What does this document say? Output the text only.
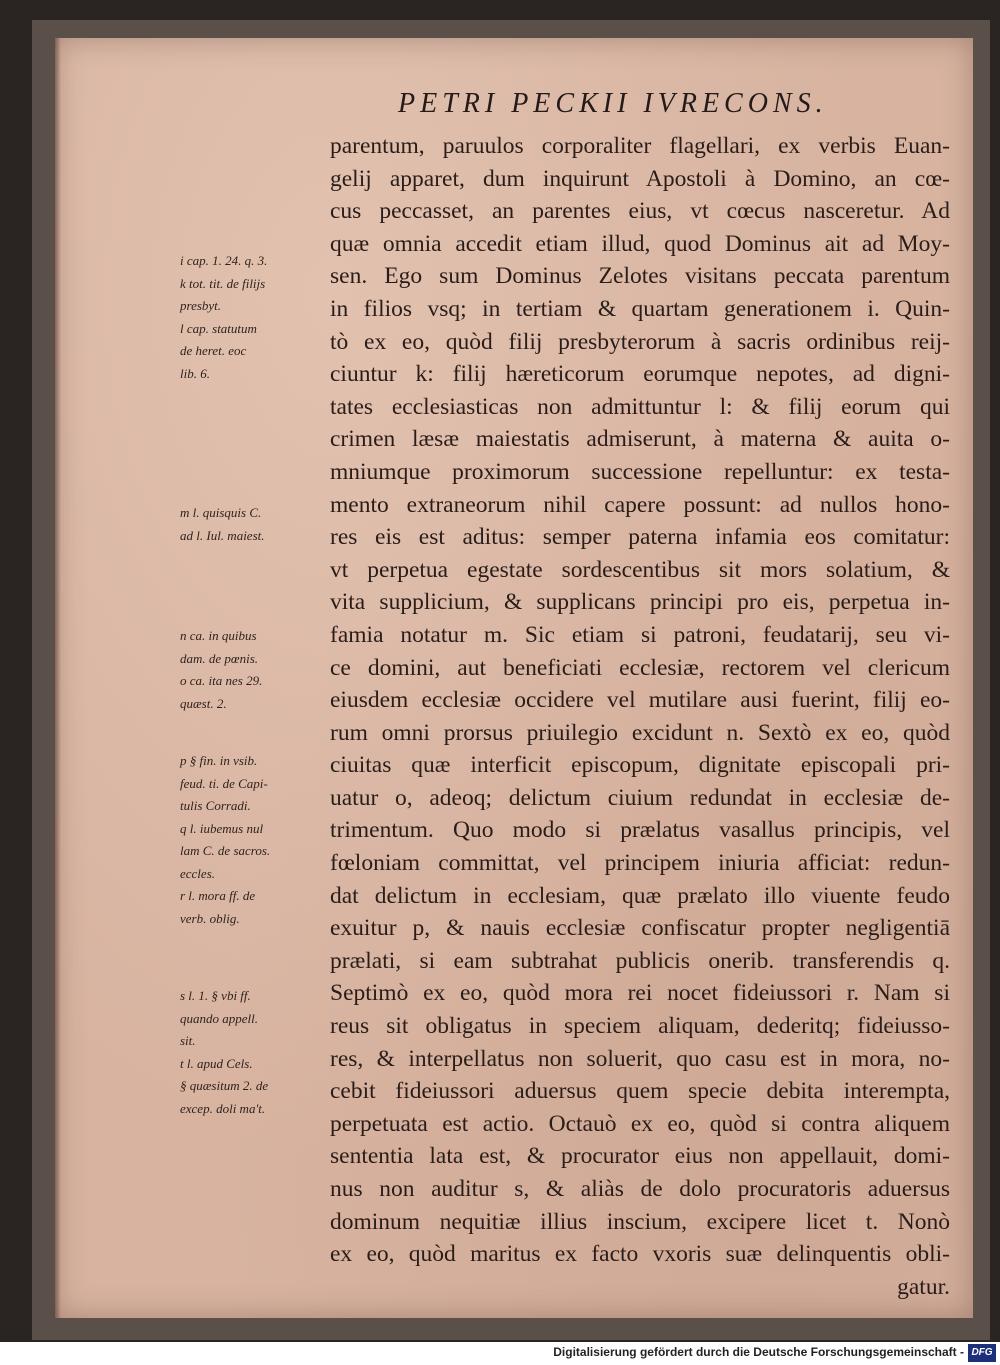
PETRI PECKII IVRECONS.
parentum, paruulos corporaliter flagellari, ex verbis Euan-
gelij apparet, dum inquirunt Apostoli à Domino, an cœ-
cus peccasset, an parentes eius, vt cœcus nasceretur. Ad
quæ omnia accedit etiam illud, quod Dominus ait ad Moy-
sen. Ego sum Dominus Zelotes visitans peccata parentum
in filios vsq; in tertiam & quartam generationem i. Quin-
tò ex eo, quòd filij presbyterorum à sacris ordinibus reij-
ciuntur k: filij hæreticorum eorumque nepotes, ad digni-
tates ecclesiasticas non admittuntur l: & filij eorum qui
crimen læsæ maiestatis admiserunt, à materna & auita o-
mniumque proximorum successione repelluntur: ex testa-
mento extraneorum nihil capere possunt: ad nullos hono-
res eis est aditus: semper paterna infamia eos comitatur:
vt perpetua egestate sordescentibus sit mors solatium, &
vita supplicium, & supplicans principi pro eis, perpetua in-
famia notatur m. Sic etiam si patroni, feudatarij, seu vi-
ce domini, aut beneficiati ecclesiæ, rectorem vel clericum
eiusdem ecclesiæ occidere vel mutilare ausi fuerint, filij eo-
rum omni prorsus priuilegio excidunt n. Sextò ex eo, quòd
ciuitas quæ interficit episcopum, dignitate episcopali pri-
uatur o, adeoq; delictum ciuium redundat in ecclesiæ de-
trimentum. Quo modo si prælatus vasallus principis, vel
fœloniam committat, vel principem iniuria afficiat: redun-
dat delictum in ecclesiam, quæ prælato illo viuente feudo
exuitur p, & nauis ecclesiæ confiscatur propter negligentiā
prælati, si eam subtrahat publicis onerib. transferendis q.
Septimò ex eo, quòd mora rei nocet fideiussori r. Nam si
reus sit obligatus in speciem aliquam, dederitq; fideiusso-
res, & interpellatus non soluerit, quo casu est in mora, no-
cebit fideiussori aduersus quem specie debita interempta,
perpetuata est actio. Octauò ex eo, quòd si contra aliquem
sententia lata est, & procurator eius non appellauit, domi-
nus non auditur s, & aliàs de dolo procuratoris aduersus
dominum nequitiæ illius inscium, excipere licet t. Nonò
ex eo, quòd maritus ex facto vxoris suæ delinquentis obli-
gatur.
i cap. 1. 24. q. 3.
k tot. tit. de filijs
presbyt.
l cap. statutum
de heret. eoc
lib. 6.
m l. quisquis C.
ad l. Iul. maiest.
n ca. in quibus
dam. de pœnis.
o ca. ita nes 29.
quæst. 2.
p § fin. in vsib.
feud. ti. de Capi-
tulis Corradi.
q l. iubemus nul
lam C. de sacros.
eccles.
r l. mora ff. de
verb. oblig.
s l. 1. § vbi ff.
quando appell.
sit.
t l. apud Cels.
§ quæsitum 2. de
excep. doli ma't.
Digitalisierung gefördert durch die Deutsche Forschungsgemeinschaft - DFG
